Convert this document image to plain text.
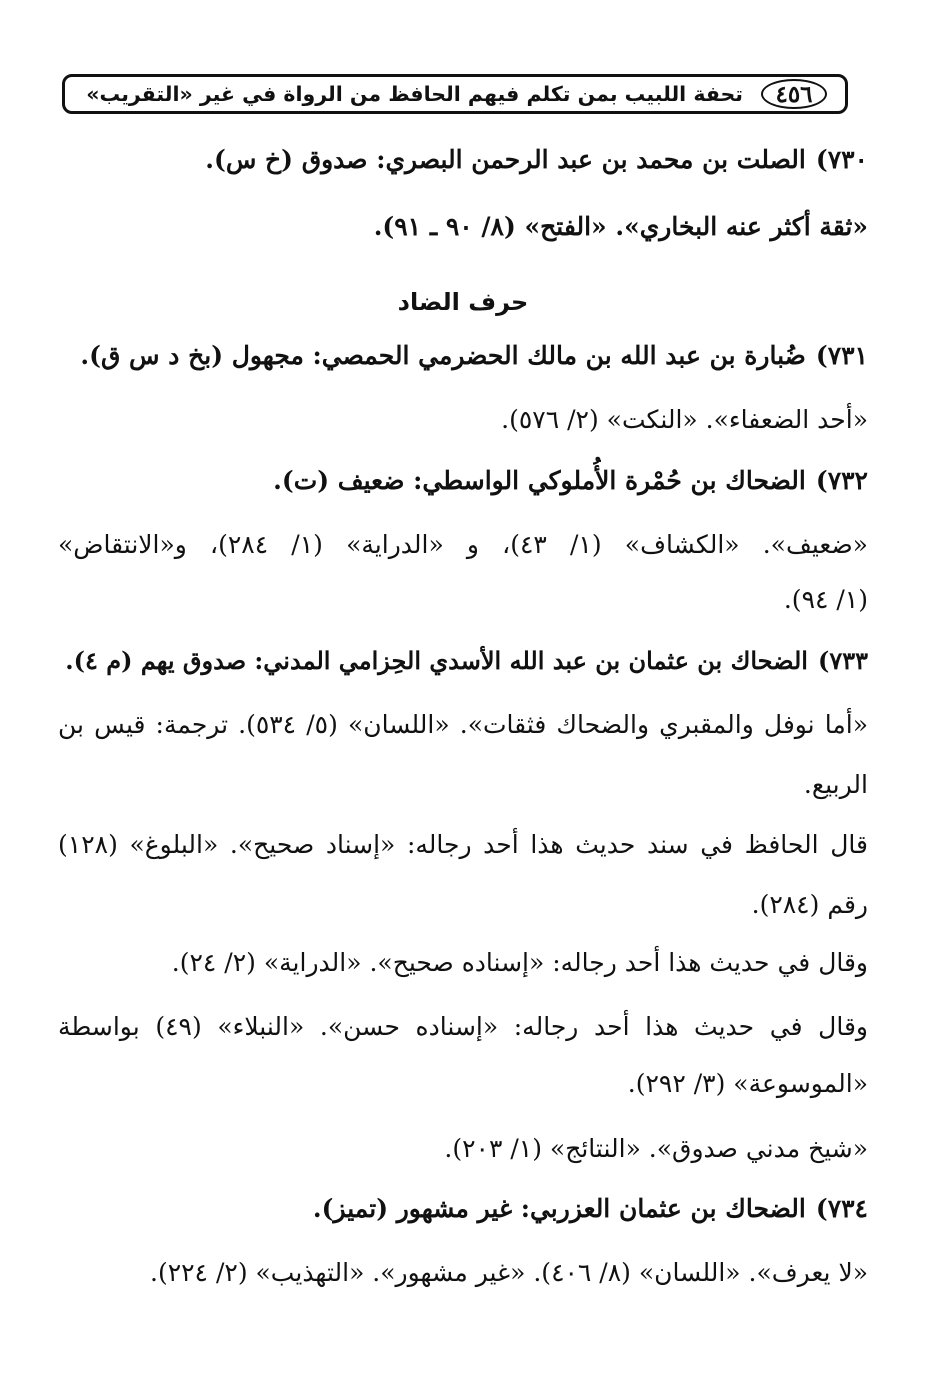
٤٥٦
تحفة اللبيب بمن تكلم فيهم الحافظ من الرواة في غير «التقريب»
٧٣٠)الصلت بن محمد بن عبد الرحمن البصري: صدوق (خ س).
«ثقة أكثر عنه البخاري». «الفتح» (٨/ ٩٠ ـ ٩١).
حرف الضاد
٧٣١)ضُبارة بن عبد الله بن مالك الحضرمي الحمصي: مجهول (بخ د س ق).
«أحد الضعفاء». «النكت» (٢/ ٥٧٦).
٧٣٢)الضحاك بن حُمْرة الأُملوكي الواسطي: ضعيف (ت).
«ضعيف». «الكشاف» (١/ ٤٣)، و «الدراية» (١/ ٢٨٤)، و«الانتقاض»
(١/ ٩٤).
٧٣٣)الضحاك بن عثمان بن عبد الله الأسدي الحِزامي المدني: صدوق يهم (م ٤).
«أما نوفل والمقبري والضحاك فثقات». «اللسان» (٥/ ٥٣٤). ترجمة: قيس بن
الربيع.
قال الحافظ في سند حديث هذا أحد رجاله: «إسناد صحيح». «البلوغ» (١٢٨)
رقم (٢٨٤).
وقال في حديث هذا أحد رجاله: «إسناده صحيح». «الدراية» (٢/ ٢٤).
وقال في حديث هذا أحد رجاله: «إسناده حسن». «النبلاء» (٤٩) بواسطة
«الموسوعة» (٣/ ٢٩٢).
«شيخ مدني صدوق». «النتائج» (١/ ٢٠٣).
٧٣٤)الضحاك بن عثمان العزربي: غير مشهور (تميز).
«لا يعرف». «اللسان» (٨/ ٤٠٦). «غير مشهور». «التهذيب» (٢/ ٢٢٤).
